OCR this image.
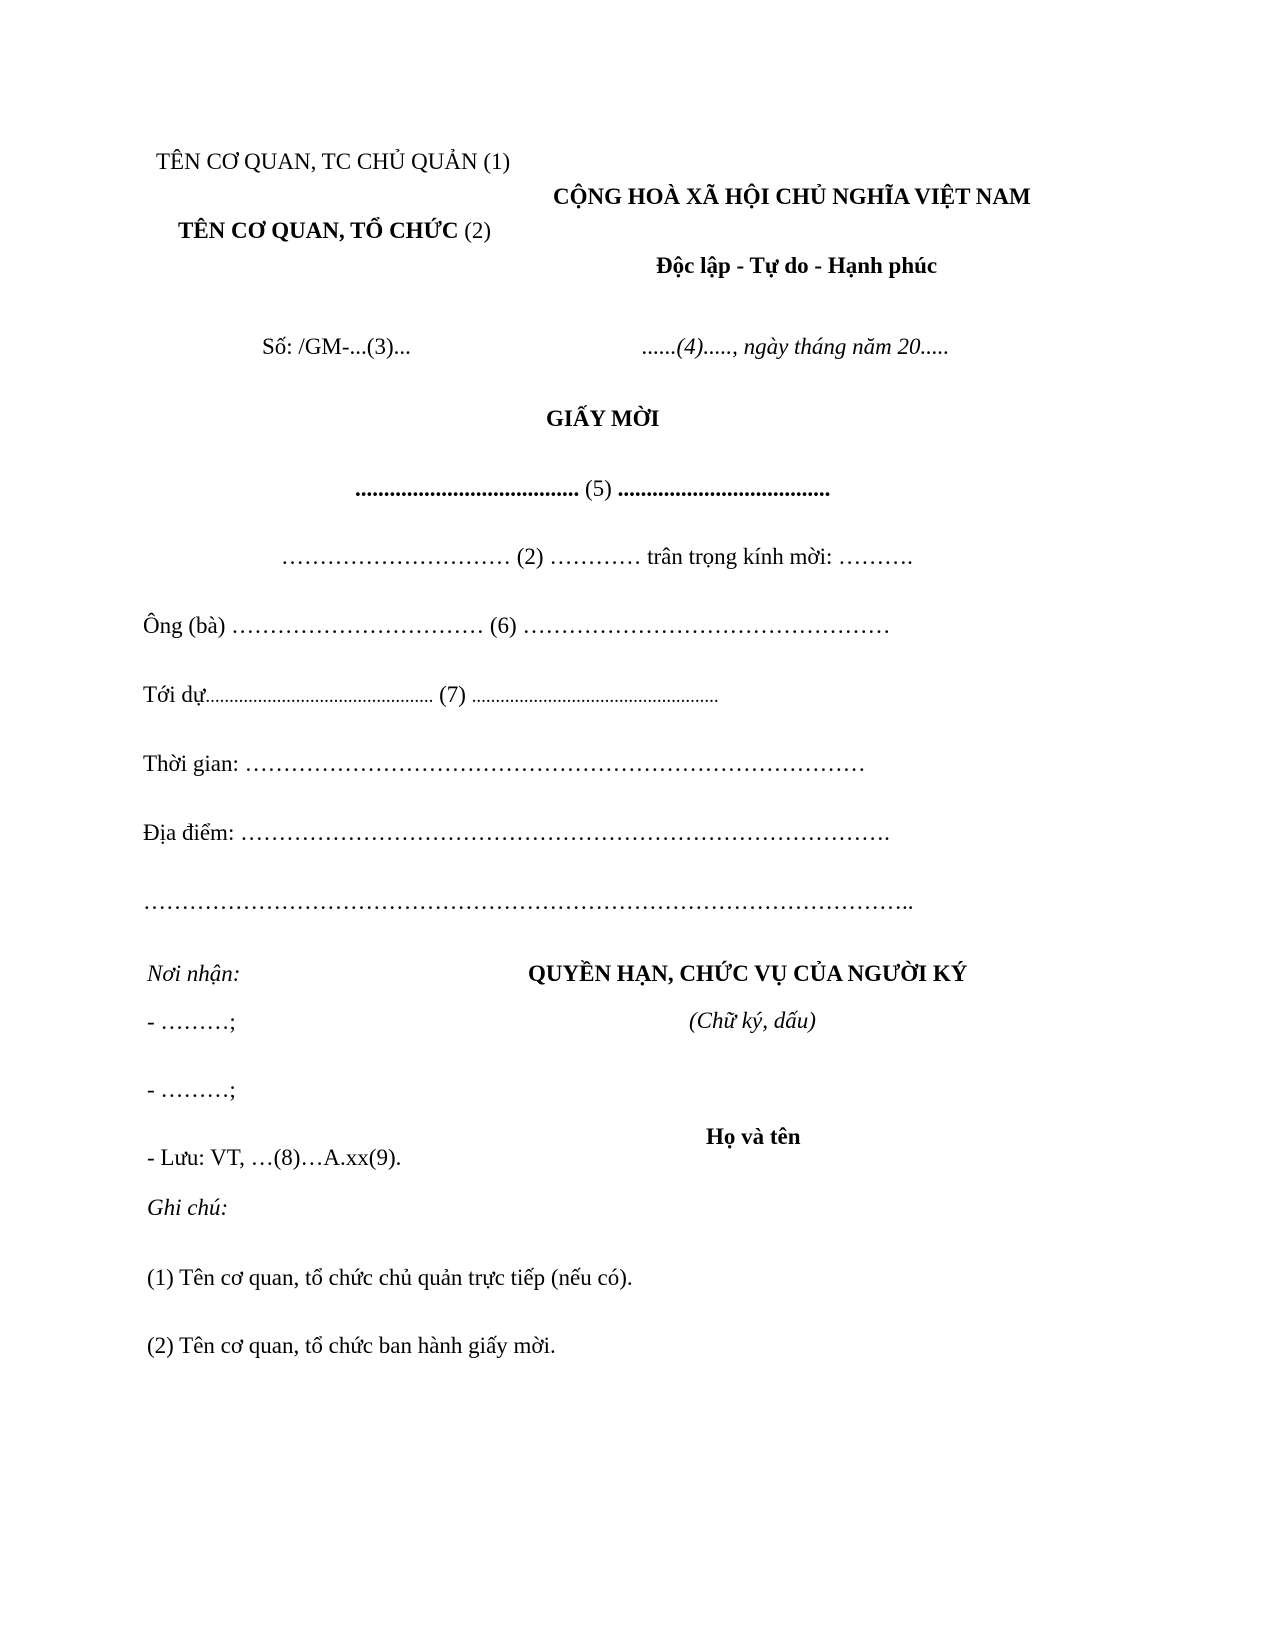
TÊN CƠ QUAN, TC CHỦ QUẢN (1)
TÊN CƠ QUAN, TỔ CHỨC (2)
CỘNG HOÀ XÃ HỘI CHỦ NGHĨA VIỆT NAM
Độc lập - Tự do - Hạnh phúc
Số: /GM-...(3)...	......(4)....., ngày tháng năm 20.....
GIẤY MỜI
....................................... (5) .....................................
………………………… (2) ………… trân trọng kính mời: ……….
Ông (bà) …………………………… (6) …………………………………………
Tới dự................................................ (7) ....................................................
Thời gian: ………………………………………………………………………
Địa điểm: ………………………………………………………………………….
………………………………………………………………………………………..
Nơi nhận:
- ………;
- ………;
- Lưu: VT, …(8)…A.xx(9).
QUYỀN HẠN, CHỨC VỤ CỦA NGƯỜI KÝ
(Chữ ký, dấu)
Họ và tên
Ghi chú:
(1) Tên cơ quan, tổ chức chủ quản trực tiếp (nếu có).
(2) Tên cơ quan, tổ chức ban hành giấy mời.
